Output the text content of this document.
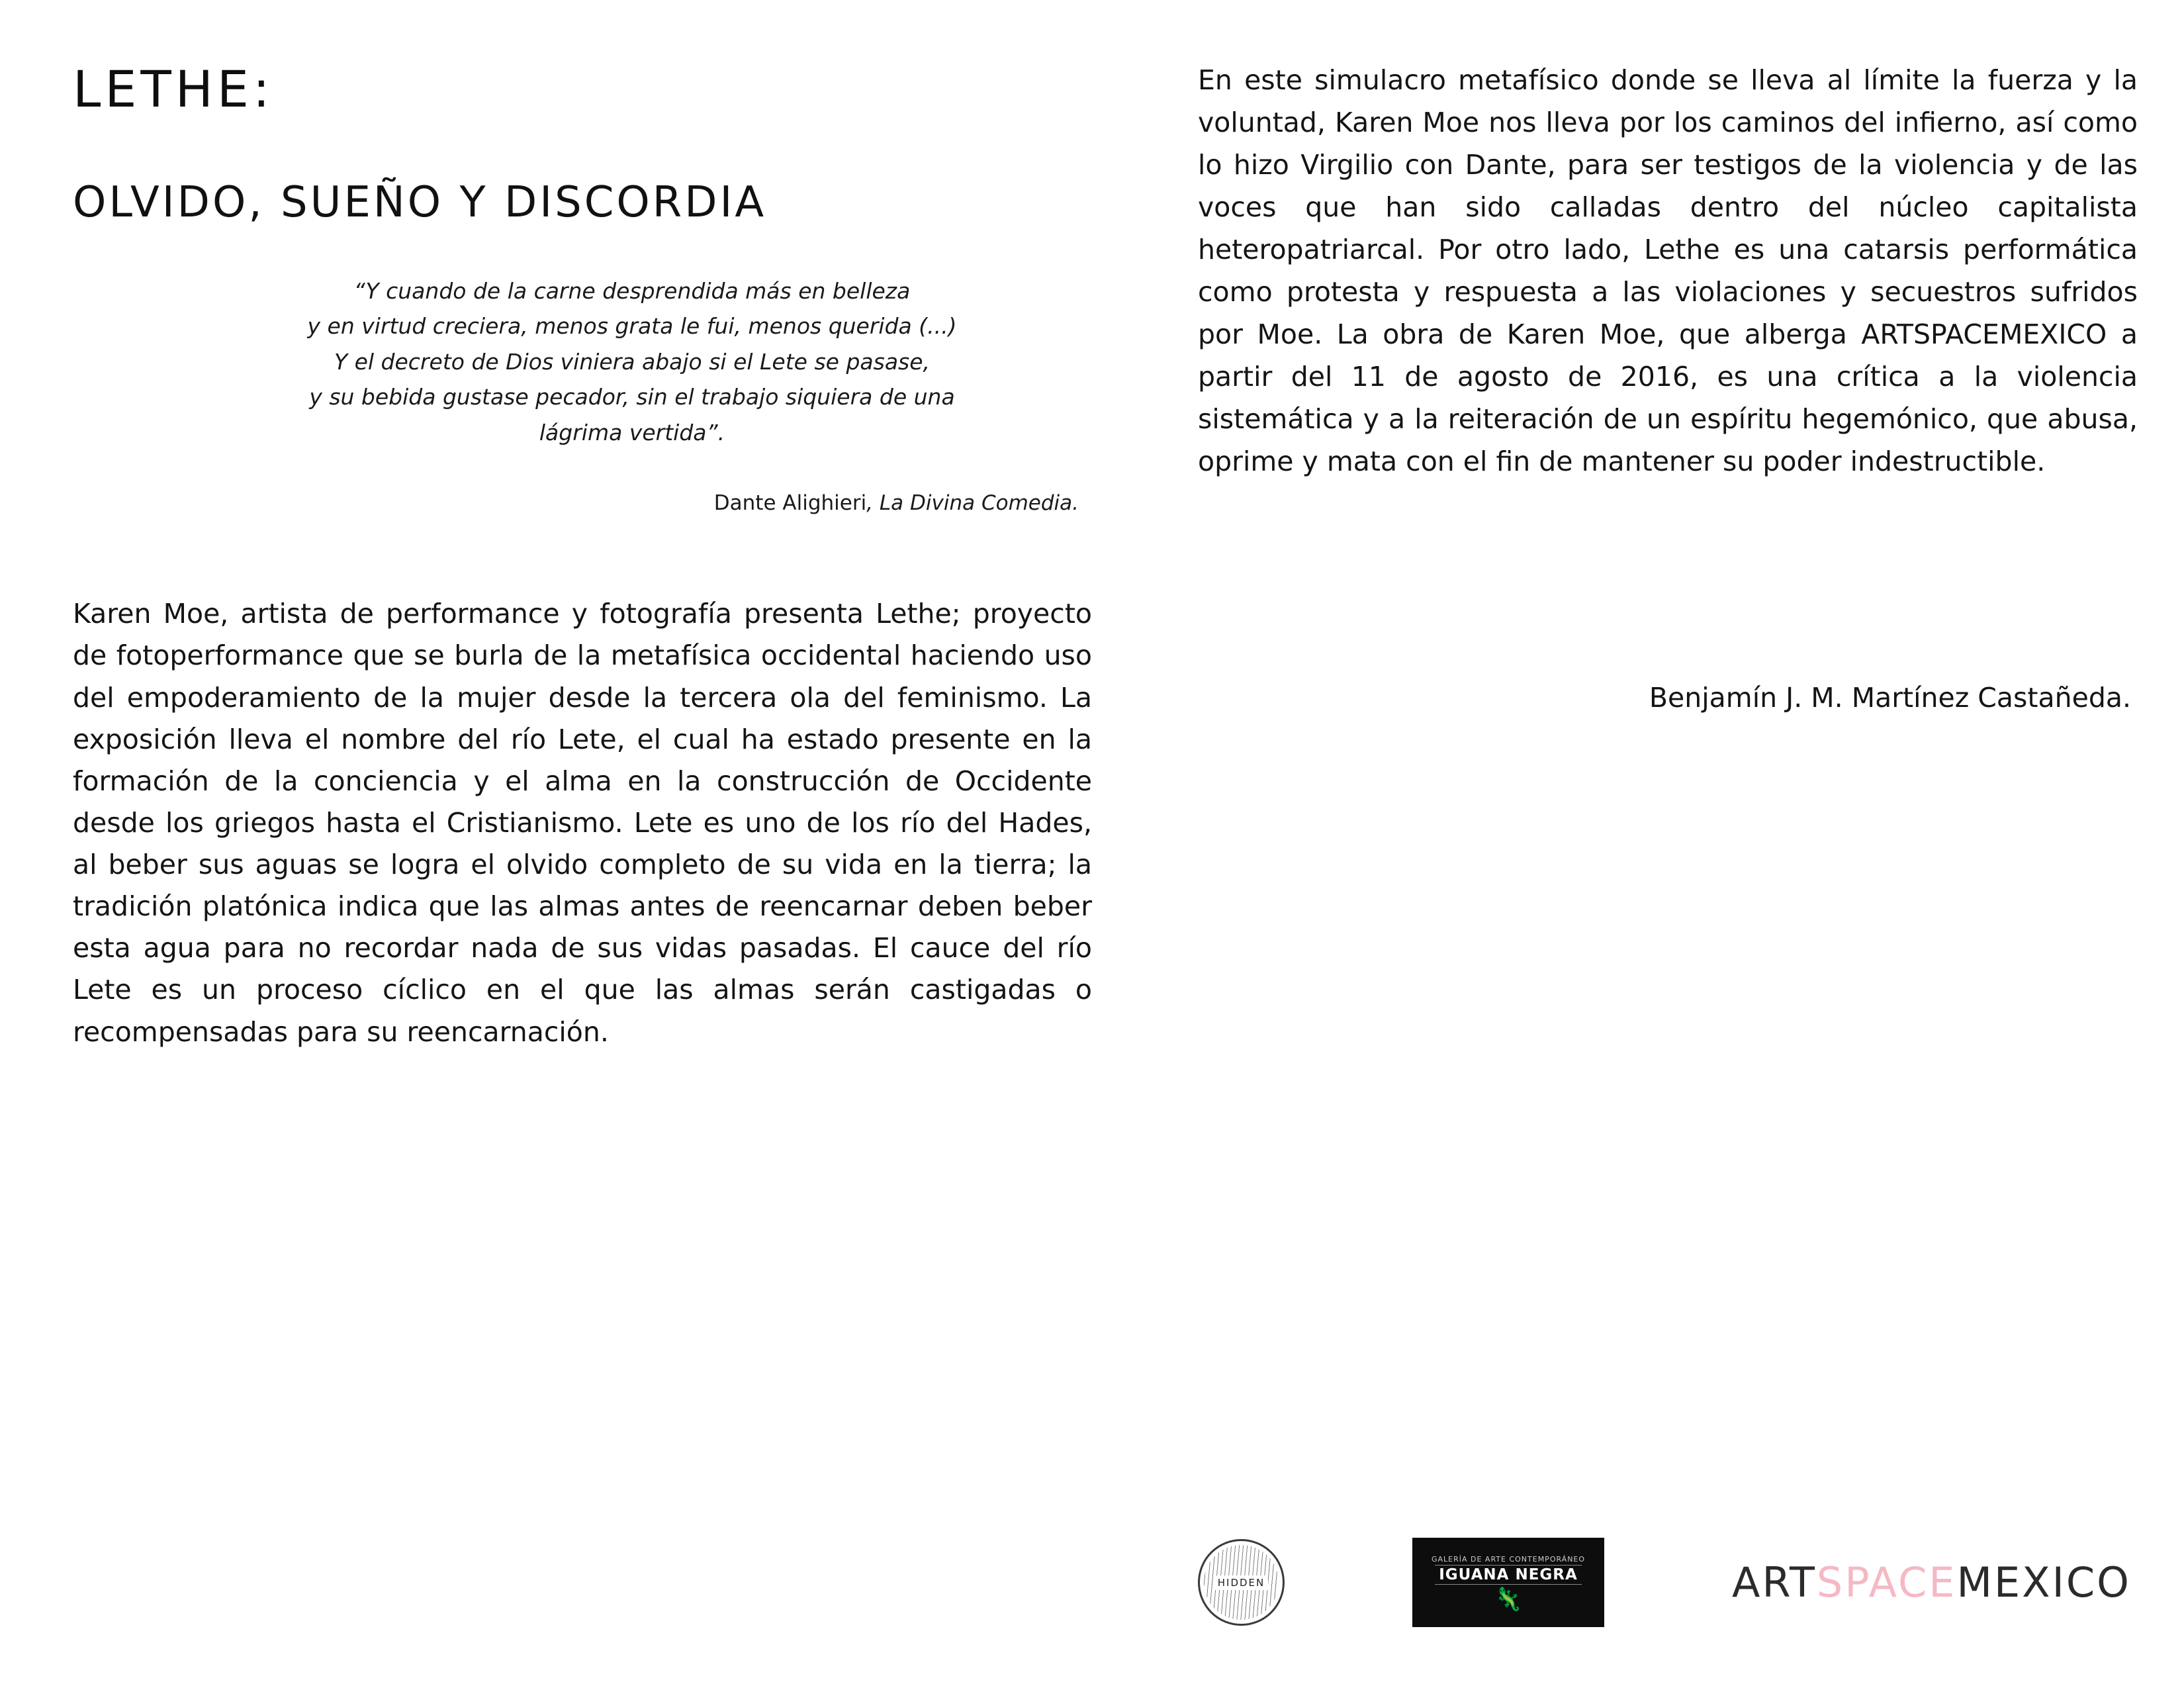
LETHE:
OLVIDO, SUEÑO Y DISCORDIA
“Y cuando de la carne desprendida más en belleza
y en virtud creciera, menos grata le fui, menos querida (...)
Y el decreto de Dios viniera abajo si el Lete se pasase,
y su bebida gustase pecador, sin el trabajo siquiera de una
lágrima vertida”.
Dante Alighieri, La Divina Comedia.

Karen Moe, artista de performance y fotografía presenta Lethe; proyecto de fotoperformance que se burla de la metafísica occidental haciendo uso del empoderamiento de la mujer desde la tercera ola del feminismo. La exposición lleva el nombre del río Lete, el cual ha estado presente en la formación de la conciencia y el alma en la construcción de Occidente desde los griegos hasta el Cristianismo. Lete es uno de los río del Hades, al beber sus aguas se logra el olvido completo de su vida en la tierra; la tradición platónica indica que las almas antes de reencarnar deben beber esta agua para no recordar nada de sus vidas pasadas. El cauce del río Lete es un proceso cíclico en el que las almas serán castigadas o recompensadas para su reencarnación.

En este simulacro metafísico donde se lleva al límite la fuerza y la voluntad, Karen Moe nos lleva por los caminos del infierno, así como lo hizo Virgilio con Dante, para ser testigos de la violencia y de las voces que han sido calladas dentro del núcleo capitalista heteropatriarcal. Por otro lado, Lethe es una catarsis performática como protesta y respuesta a las violaciones y secuestros sufridos por Moe. La obra de Karen Moe, que alberga ARTSPACEMEXICO a partir del 11 de agosto de 2016, es una crítica a la violencia sistemática y a la reiteración de un espíritu hegemónico, que abusa, oprime y mata con el fin de mantener su poder indestructible.

Benjamín J. M. Martínez Castañeda.
HIDDEN
GALERÍA DE ARTE CONTEMPORÁNEO
IGUANA NEGRA
🦎	ARTSPACEMEXICO
